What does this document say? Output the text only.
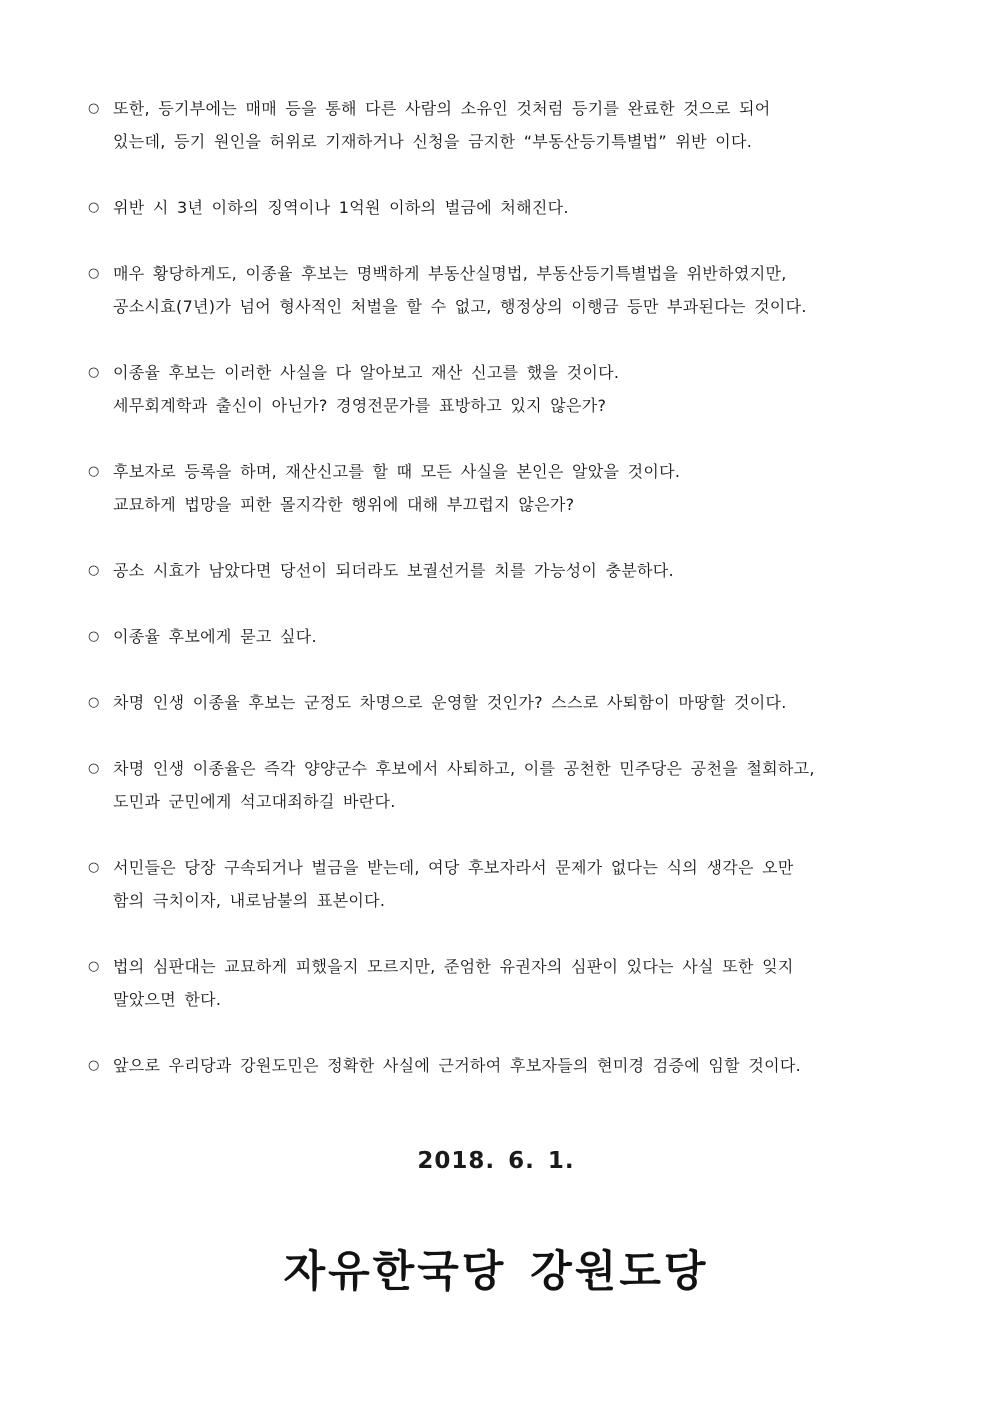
○ 또한, 등기부에는 매매 등을 통해 다른 사람의 소유인 것처럼 등기를 완료한 것으로 되어
있는데, 등기 원인을 허위로 기재하거나 신청을 금지한 “부동산등기특별법” 위반 이다.
○ 위반 시 3년 이하의 징역이나 1억원 이하의 벌금에 처해진다.
○ 매우 황당하게도, 이종율 후보는 명백하게 부동산실명법, 부동산등기특별법을 위반하였지만,
공소시효(7년)가 넘어 형사적인 처벌을 할 수 없고, 행정상의 이행금 등만 부과된다는 것이다.
○ 이종율 후보는 이러한 사실을 다 알아보고 재산 신고를 했을 것이다.
세무회계학과 출신이 아닌가? 경영전문가를 표방하고 있지 않은가?
○ 후보자로 등록을 하며, 재산신고를 할 때 모든 사실을 본인은 알았을 것이다.
교묘하게 법망을 피한 몰지각한 행위에 대해 부끄럽지 않은가?
○ 공소 시효가 남았다면 당선이 되더라도 보궐선거를 치를 가능성이 충분하다.
○ 이종율 후보에게 묻고 싶다.
○ 차명 인생 이종율 후보는 군정도 차명으로 운영할 것인가? 스스로 사퇴함이 마땅할 것이다.
○ 차명 인생 이종율은 즉각 양양군수 후보에서 사퇴하고, 이를 공천한 민주당은 공천을 철회하고,
도민과 군민에게 석고대죄하길 바란다.
○ 서민들은 당장 구속되거나 벌금을 받는데, 여당 후보자라서 문제가 없다는 식의 생각은 오만
함의 극치이자, 내로남불의 표본이다.
○ 법의 심판대는 교묘하게 피했을지 모르지만, 준엄한 유권자의 심판이 있다는 사실 또한 잊지
말았으면 한다.
○ 앞으로 우리당과 강원도민은 정확한 사실에 근거하여 후보자들의 현미경 검증에 임할 것이다.
2018. 6. 1.
자유한국당 강원도당
